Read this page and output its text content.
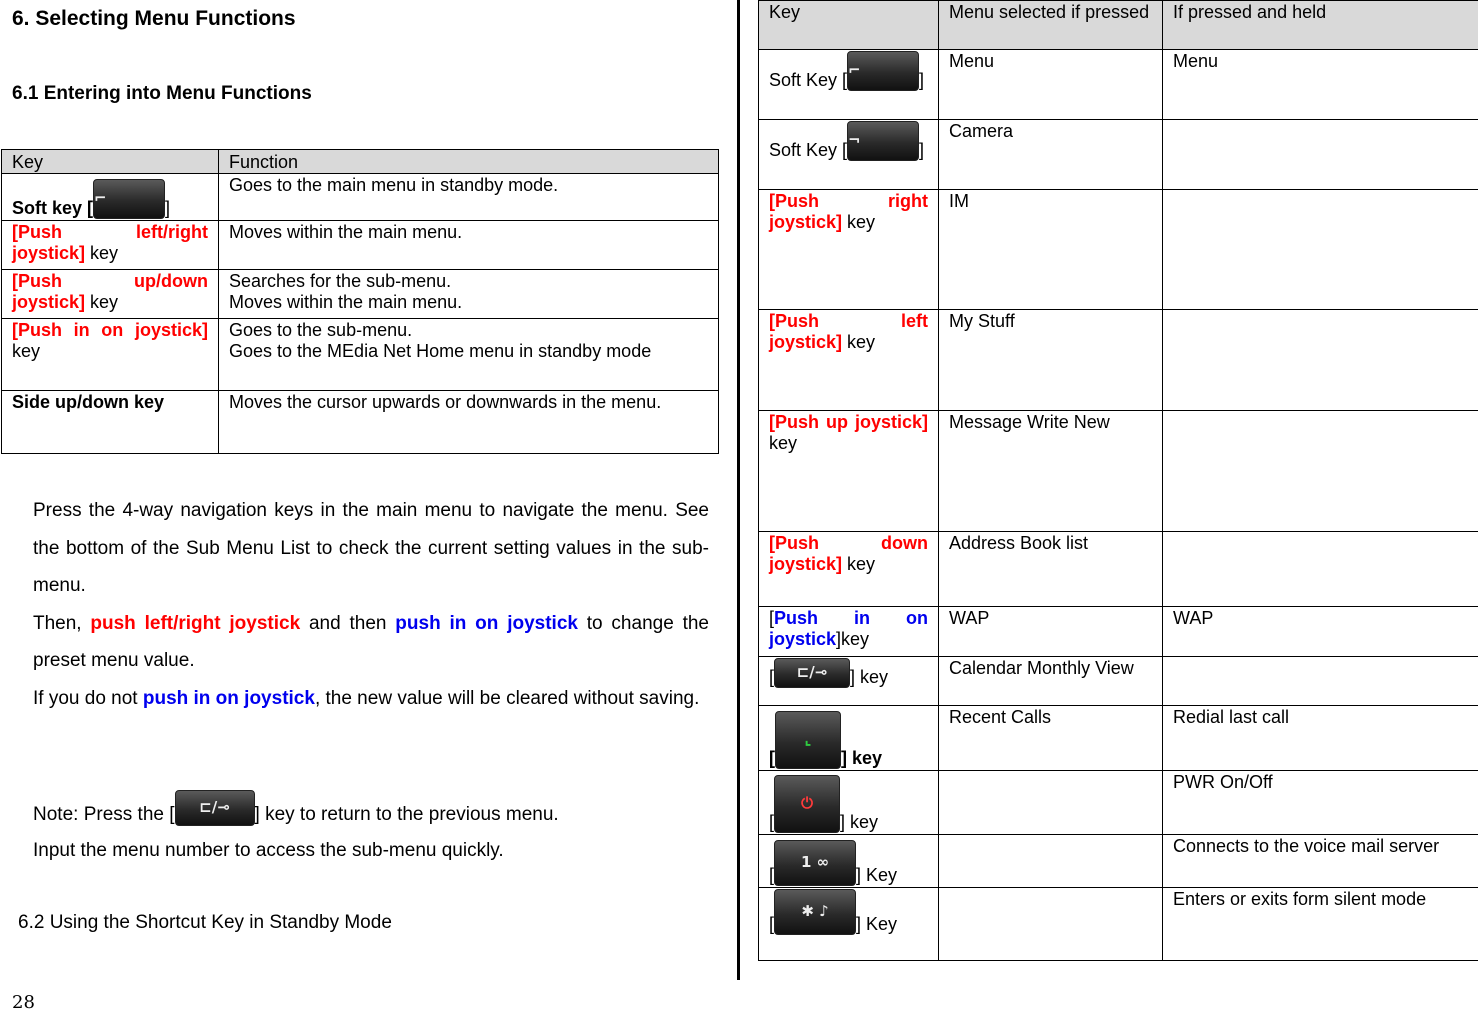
6. Selecting Menu Functions
6.1 Entering into Menu Functions
Key	Function
Soft key [ ⌐ ]	Goes to the main menu in standby mode.
[Push left/right joystick] key	Moves within the main menu.
[Push up/down joystick] key	Searches for the sub-menu.
Moves within the main menu.

[Push in on joystick] key	Goes to the sub-menu.
Goes to the MEdia Net Home menu in standby mode

Side up/down key	Moves the cursor upwards or downwards in the menu.
Press the 4-way navigation keys in the main menu to navigate the menu. See the bottom of the Sub Menu List to check the current setting values in the sub-menu.
Then, push left/right joystick and then push in on joystick to change the preset menu value.
If you do not push in on joystick, the new value will be cleared without saving.
Note: Press the [	⊏/⊸	] key to return to the previous menu.
Input the menu number to access the sub-menu quickly.
6.2 Using the Shortcut Key in Standby Mode
28
Key	Menu selected if pressed	If pressed and held
Soft Key [ ⌐ ]	Menu	Menu
Soft Key [ ¬ ]	Camera	
[Push right joystick] key	IM	
[Push left joystick] key	My Stuff	
[Push up joystick] key	Message Write New	
[Push down joystick] key	Address Book list	
[Push in on joystick]key	WAP	WAP
[ ⊏/⊸ ] key	Calendar Monthly View	
[
⌞
] key	Recent Calls	Redial last call
[
⏻
] key		PWR On/Off
[
1 ∞
] Key		Connects to the voice mail server
[
✱ ♪
] Key		Enters or exits form silent mode
